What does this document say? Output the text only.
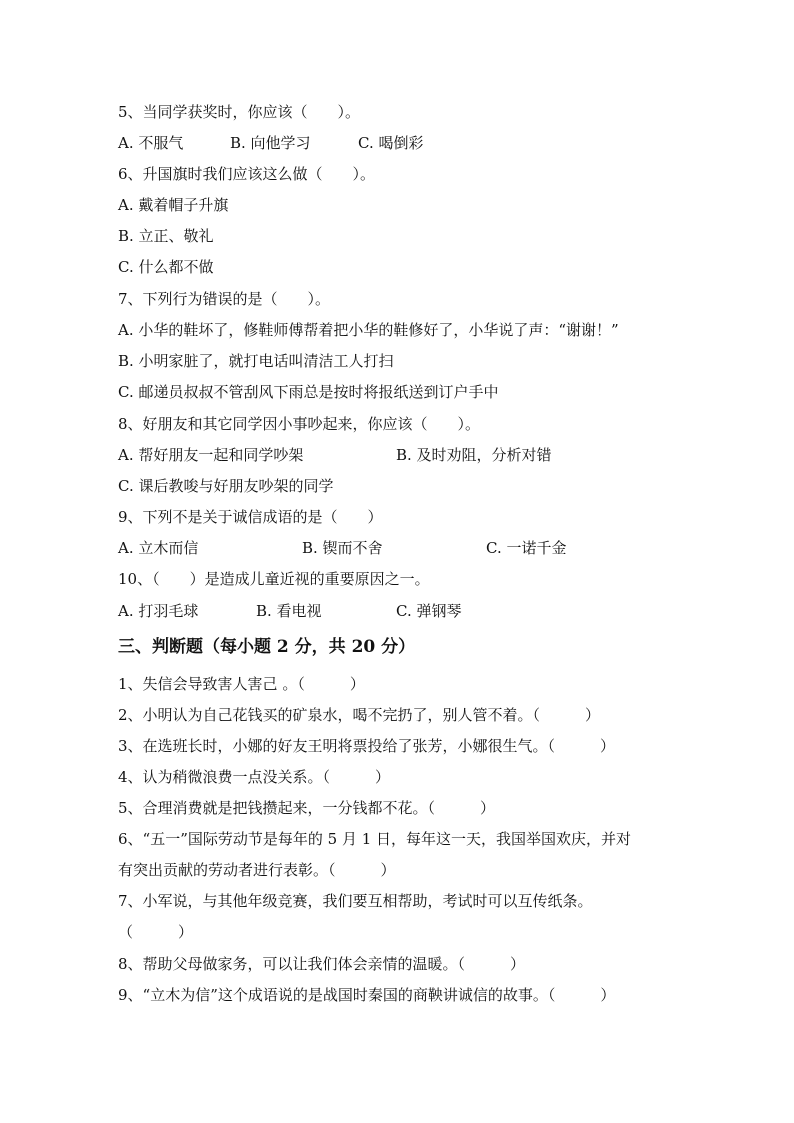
5、当同学获奖时，你应该（　　）。
A. 不服气	B. 向他学习	C. 喝倒彩
6、升国旗时我们应该这么做（　　）。
A. 戴着帽子升旗
B. 立正、敬礼
C. 什么都不做
7、下列行为错误的是（　　）。
A. 小华的鞋坏了，修鞋师傅帮着把小华的鞋修好了，小华说了声：“谢谢！”
B. 小明家脏了，就打电话叫清洁工人打扫
C. 邮递员叔叔不管刮风下雨总是按时将报纸送到订户手中
8、好朋友和其它同学因小事吵起来，你应该（　　）。
A. 帮好朋友一起和同学吵架	B. 及时劝阻，分析对错
C. 课后教唆与好朋友吵架的同学
9、下列不是关于诚信成语的是（　　）
A. 立木而信	B. 锲而不舍	C. 一诺千金
10、（　　）是造成儿童近视的重要原因之一。
A. 打羽毛球	B. 看电视	C. 弹钢琴
三、判断题（每小题 2 分，共 20 分）
1、失信会导致害人害己 。（　　　）
2、小明认为自己花钱买的矿泉水，喝不完扔了，别人管不着。（　　　）
3、在选班长时，小娜的好友王明将票投给了张芳，小娜很生气。（　　　）
4、认为稍微浪费一点没关系。（　　　）
5、合理消费就是把钱攒起来，一分钱都不花。（　　　）
6、“五一”国际劳动节是每年的 5 月 1 日，每年这一天，我国举国欢庆，并对
有突出贡献的劳动者进行表彰。（　　　）
7、小军说，与其他年级竞赛，我们要互相帮助，考试时可以互传纸条。
（　　　）
8、帮助父母做家务，可以让我们体会亲情的温暖。（　　　）
9、“立木为信”这个成语说的是战国时秦国的商鞅讲诚信的故事。（　　　）
